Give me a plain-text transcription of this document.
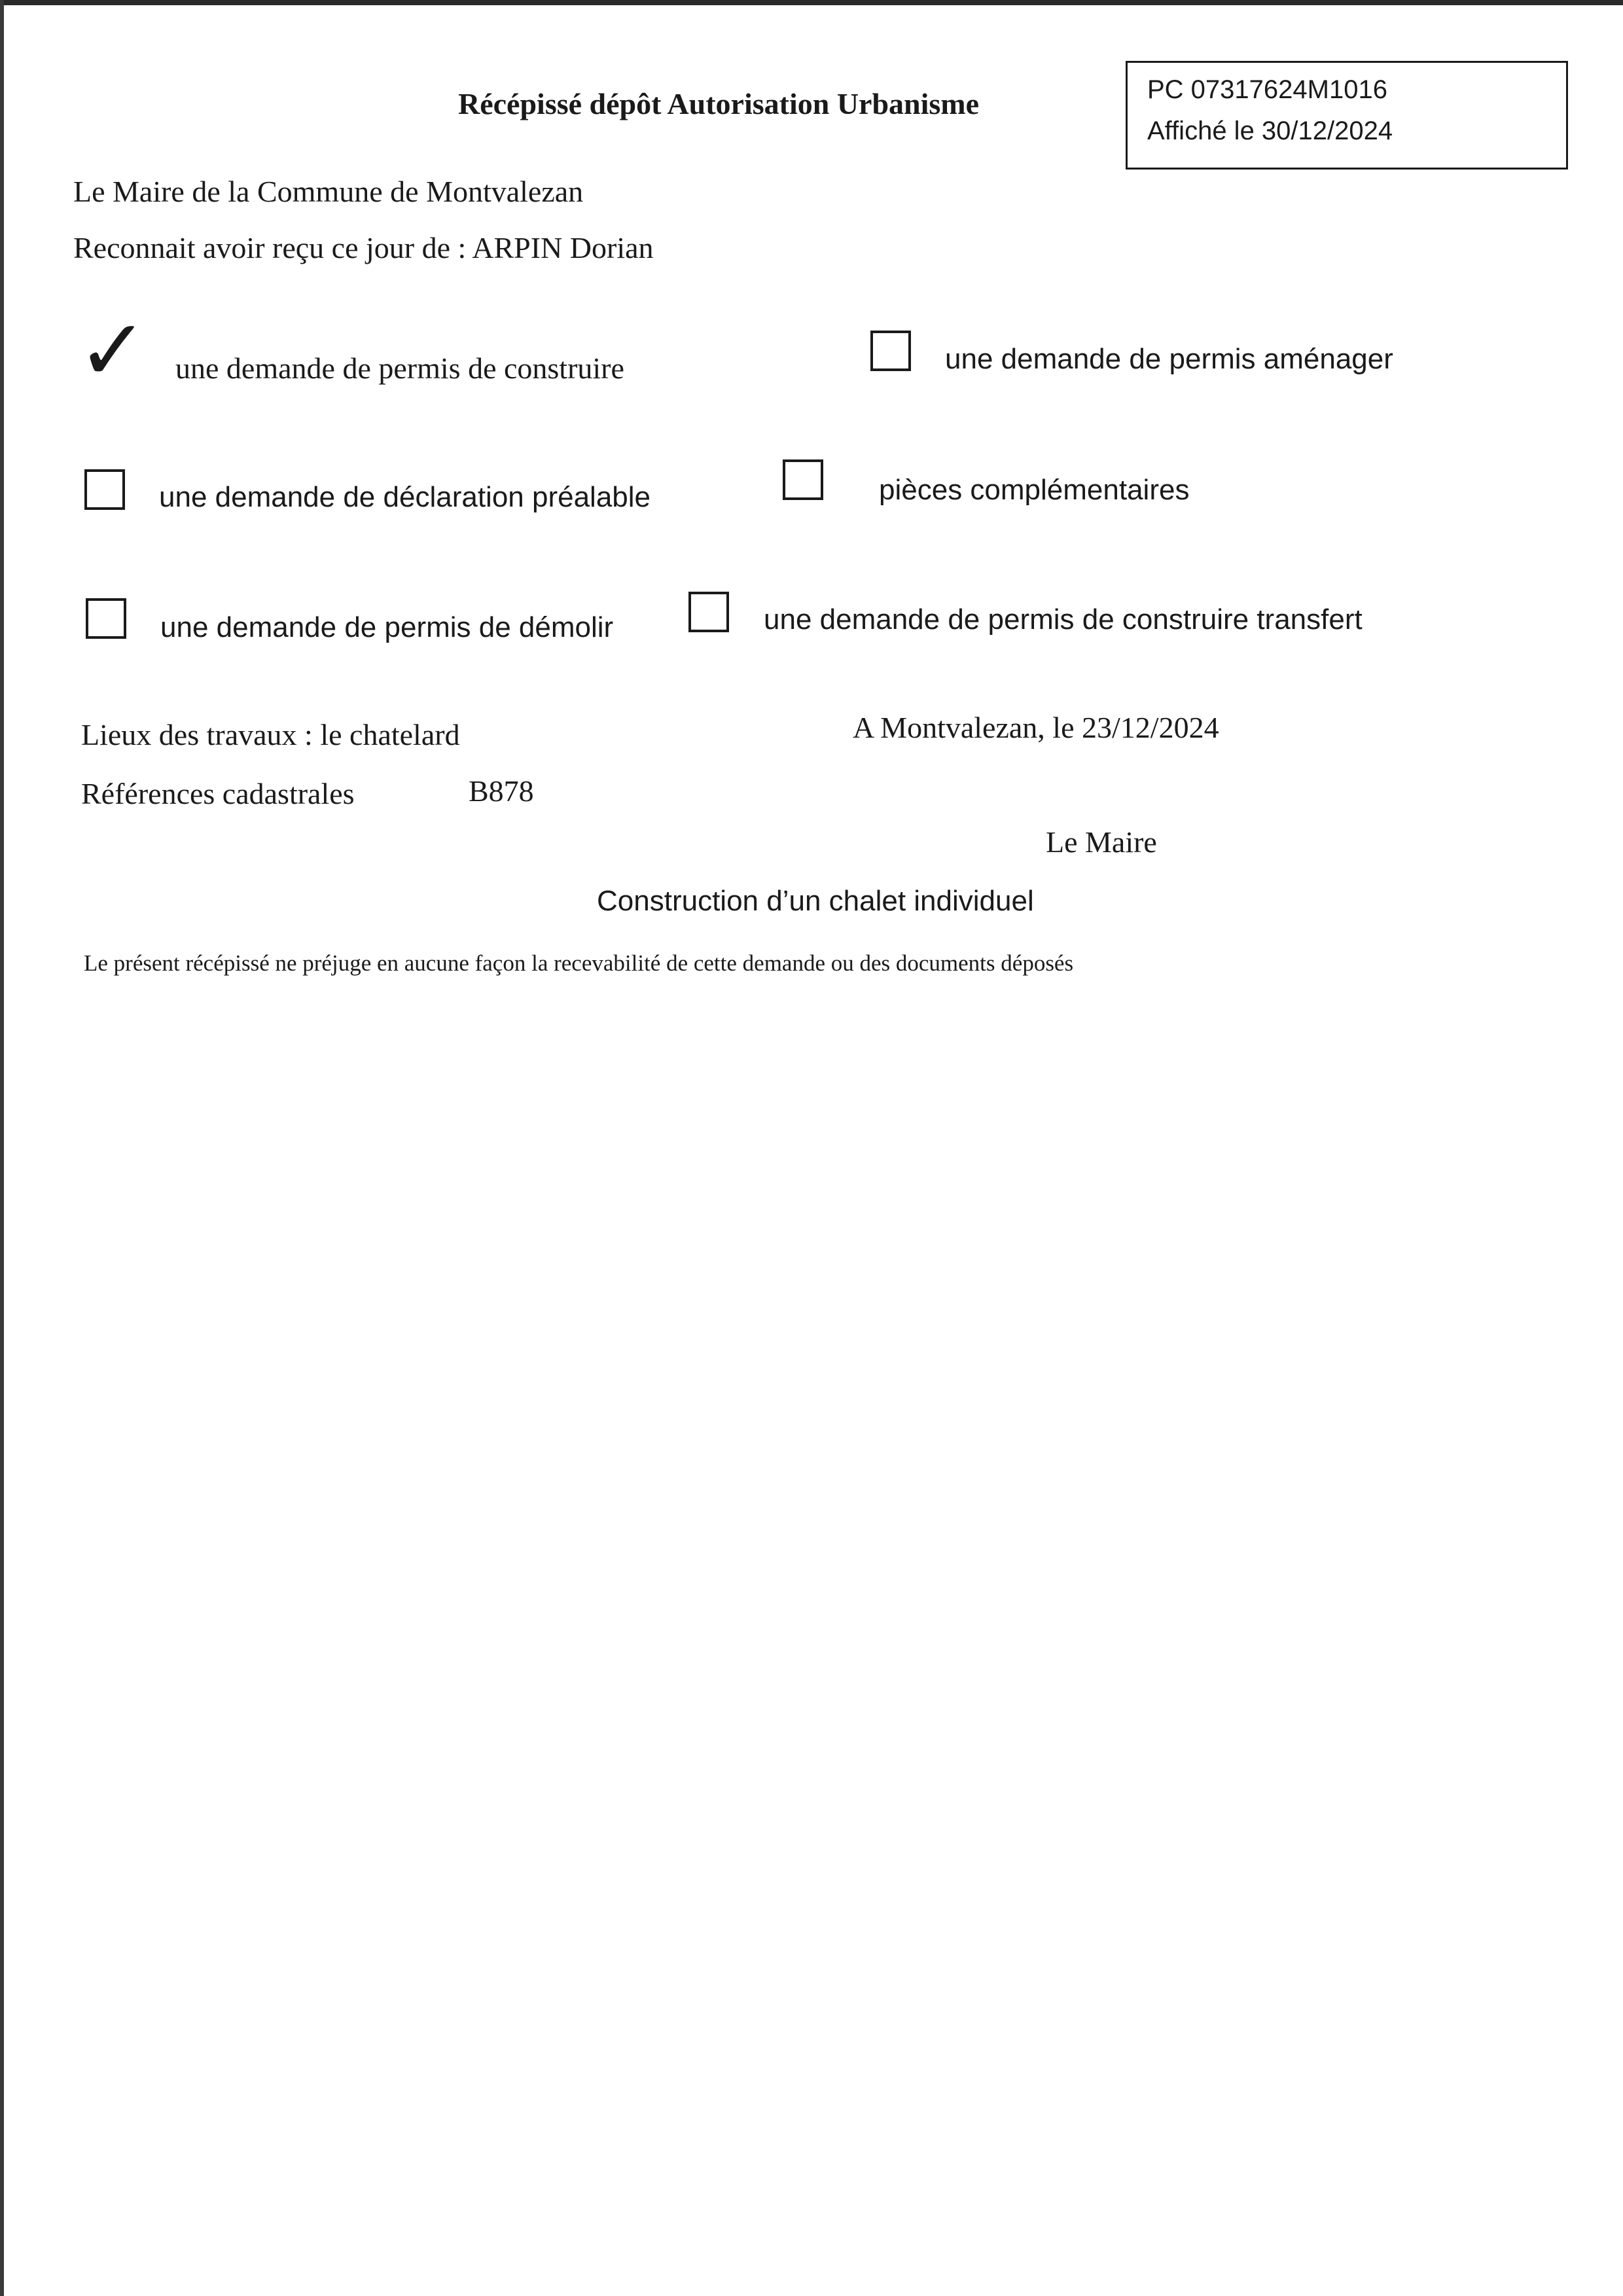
Récépissé dépôt Autorisation Urbanisme	PC 07317624M1016
Affiché le 30/12/2024
Le Maire de la Commune de Montvalezan
Reconnait avoir reçu ce jour de : ARPIN Dorian
✓ une demande de permis de construire	une demande de permis aménager
une demande de déclaration préalable	pièces complémentaires
une demande de permis de démolir	une demande de permis de construire transfert
Lieux des travaux : le chatelard	A Montvalezan, le 23/12/2024
Références cadastrales	B878
Le Maire
Construction d’un chalet individuel
Le présent récépissé ne préjuge en aucune façon la recevabilité de cette demande ou des documents déposés
